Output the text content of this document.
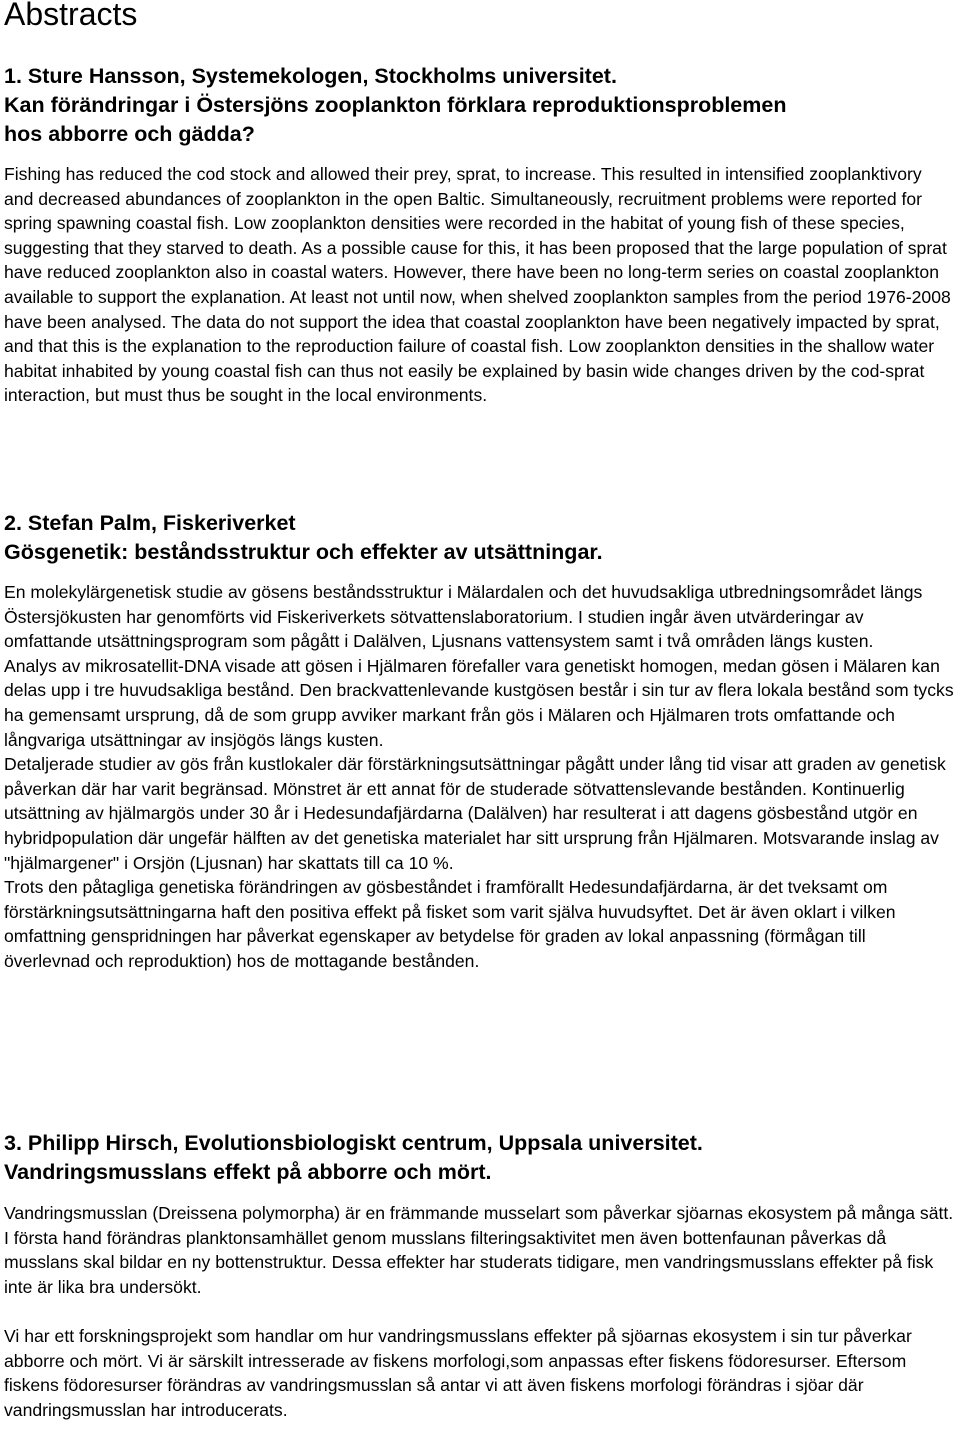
Abstracts
1. Sture Hansson, Systemekologen, Stockholms universitet.
Kan förändringar i Östersjöns zooplankton förklara reproduktionsproblemen
hos abborre och gädda?

Fishing has reduced the cod stock and allowed their prey, sprat, to increase. This resulted in intensified zooplanktivory and decreased abundances of zooplankton in the open Baltic. Simultaneously, recruitment problems were reported for spring spawning coastal fish. Low zooplankton densities were recorded in the habitat of young fish of these species, suggesting that they starved to death. As a possible cause for this, it has been proposed that the large population of sprat have reduced zooplankton also in coastal waters. However, there have been no long-term series on coastal zooplankton available to support the explanation. At least not until now, when shelved zooplankton samples from the period 1976-2008 have been analysed. The data do not support the idea that coastal zooplankton have been negatively impacted by sprat, and that this is the explanation to the reproduction failure of coastal fish. Low zooplankton densities in the shallow water habitat inhabited by young coastal fish can thus not easily be explained by basin wide changes driven by the cod-sprat interaction, but must thus be sought in the local environments.

2. Stefan Palm, Fiskeriverket
Gösgenetik: beståndsstruktur och effekter av utsättningar.

En molekylärgenetisk studie av gösens beståndsstruktur i Mälardalen och det huvudsakliga utbredningsområdet längs Östersjökusten har genomförts vid Fiskeriverkets sötvattenslaboratorium. I studien ingår även utvärderingar av omfattande utsättningsprogram som pågått i Dalälven, Ljusnans vattensystem samt i två områden längs kusten.

Analys av mikrosatellit-DNA visade att gösen i Hjälmaren förefaller vara genetiskt homogen, medan gösen i Mälaren kan delas upp i tre huvudsakliga bestånd. Den brackvattenlevande kustgösen består i sin tur av flera lokala bestånd som tycks ha gemensamt ursprung, då de som grupp avviker markant från gös i Mälaren och Hjälmaren trots omfattande och långvariga utsättningar av insjögös längs kusten.

Detaljerade studier av gös från kustlokaler där förstärkningsutsättningar pågått under lång tid visar att graden av genetisk påverkan där har varit begränsad. Mönstret är ett annat för de studerade sötvattenslevande bestånden. Kontinuerlig utsättning av hjälmargös under 30 år i Hedesundafjärdarna (Dalälven) har resulterat i att dagens gösbestånd utgör en hybridpopulation där ungefär hälften av det genetiska materialet har sitt ursprung från Hjälmaren. Motsvarande inslag av "hjälmargener" i Orsjön (Ljusnan) har skattats till ca 10 %.

Trots den påtagliga genetiska förändringen av gösbeståndet i framförallt Hedesundafjärdarna, är det tveksamt om förstärkningsutsättningarna haft den positiva effekt på fisket som varit själva huvudsyftet. Det är även oklart i vilken omfattning genspridningen har påverkat egenskaper av betydelse för graden av lokal anpassning (förmågan till överlevnad och reproduktion) hos de mottagande bestånden.

3. Philipp Hirsch, Evolutionsbiologiskt centrum, Uppsala universitet.
Vandringsmusslans effekt på abborre och mört.

Vandringsmusslan (Dreissena polymorpha) är en främmande musselart som påverkar sjöarnas ekosystem på många sätt. I första hand förändras planktonsamhället genom musslans filteringsaktivitet men även bottenfaunan påverkas då musslans skal bildar en ny bottenstruktur. Dessa effekter har studerats tidigare, men vandringsmusslans effekter på fisk inte är lika bra undersökt.

Vi har ett forskningsprojekt som handlar om hur vandringsmusslans effekter på sjöarnas ekosystem i sin tur påverkar abborre och mört. Vi är särskilt intresserade av fiskens morfologi,som anpassas efter fiskens födoresurser. Eftersom fiskens födoresurser förändras av vandringsmusslan så antar vi att även fiskens morfologi förändras i sjöar där vandringsmusslan har introducerats.
